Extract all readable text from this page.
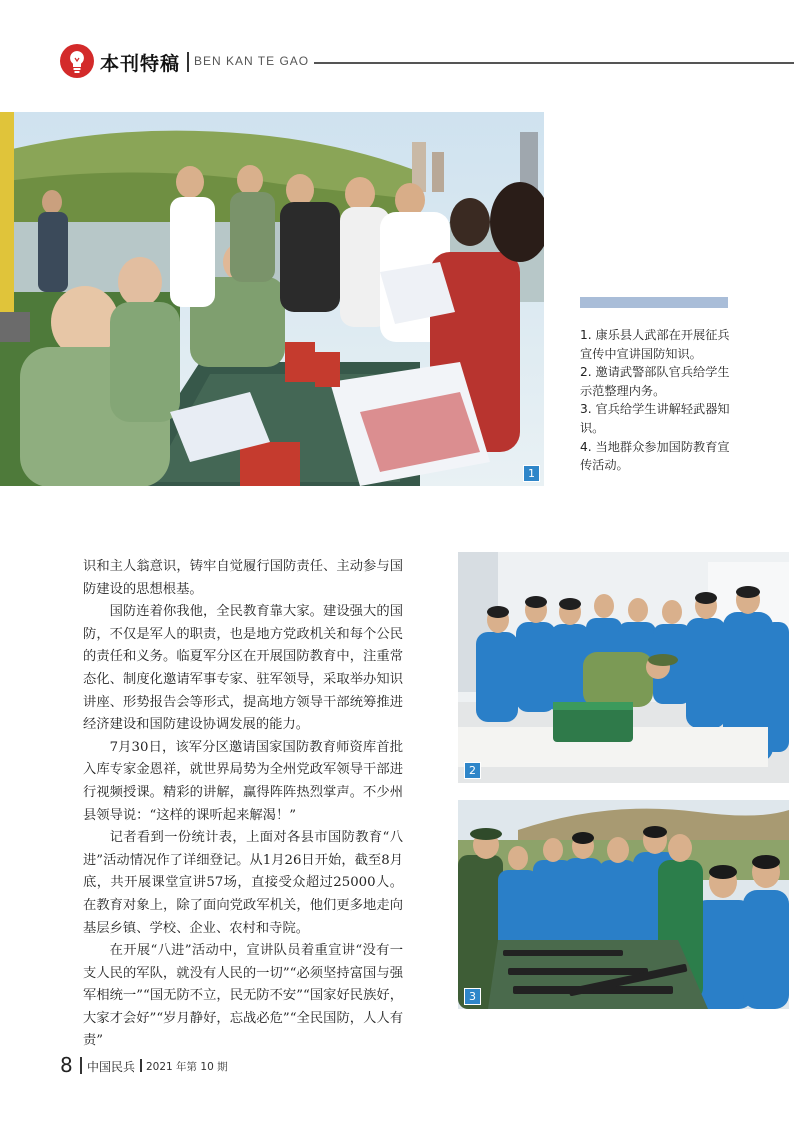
本刊特稿 BEN KAN TE GAO
1

1. 康乐县人武部在开展征兵宣传中宣讲国防知识。

2. 邀请武警部队官兵给学生示范整理内务。

3. 官兵给学生讲解轻武器知识。

4. 当地群众参加国防教育宣传活动。

识和主人翁意识，铸牢自觉履行国防责任、主动参与国防建设的思想根基。

国防连着你我他，全民教育靠大家。建设强大的国防，不仅是军人的职责，也是地方党政机关和每个公民的责任和义务。临夏军分区在开展国防教育中，注重常态化、制度化邀请军事专家、驻军领导，采取举办知识讲座、形势报告会等形式，提高地方领导干部统筹推进经济建设和国防建设协调发展的能力。

7月30日，该军分区邀请国家国防教育师资库首批入库专家金恩祥，就世界局势为全州党政军领导干部进行视频授课。精彩的讲解，赢得阵阵热烈掌声。不少州县领导说：“这样的课听起来解渴！”

记者看到一份统计表，上面对各县市国防教育“八进”活动情况作了详细登记。从1月26日开始，截至8月底，共开展课堂宣讲57场，直接受众超过25000人。在教育对象上，除了面向党政军机关，他们更多地走向基层乡镇、学校、企业、农村和寺院。

在开展“八进”活动中，宣讲队员着重宣讲“没有一支人民的军队，就没有人民的一切”“必须坚持富国与强军相统一”“国无防不立，民无防不安”“国家好民族好，大家才会好”“岁月静好，忘战必危”“全民国防，人人有责”

2
3
8 中国民兵 2021 年第 10 期
